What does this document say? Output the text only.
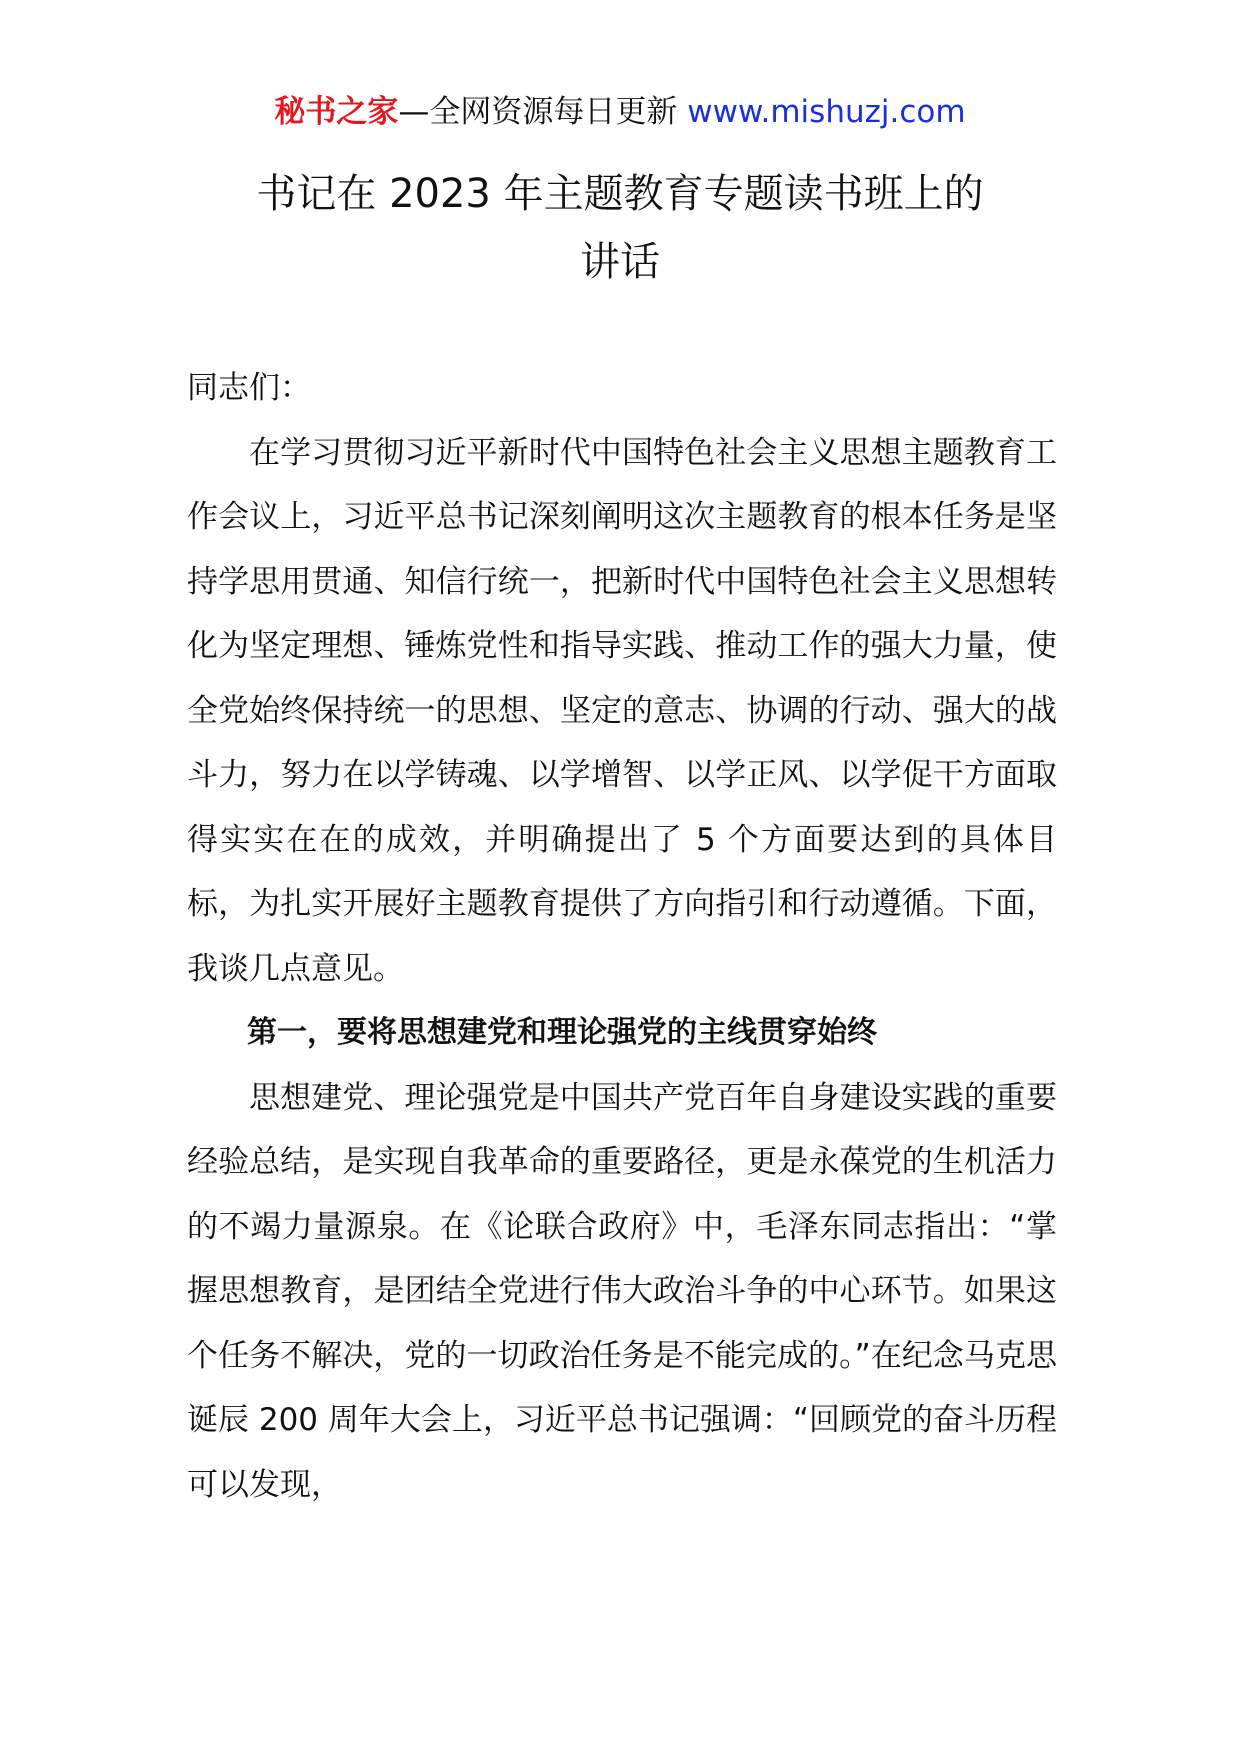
秘书之家—全网资源每日更新 www.mishuzj.com
书记在 2023 年主题教育专题读书班上的
讲话

同志们：

在学习贯彻习近平新时代中国特色社会主义思想主题教育工作会议上，习近平总书记深刻阐明这次主题教育的根本任务是坚持学思用贯通、知信行统一，把新时代中国特色社会主义思想转化为坚定理想、锤炼党性和指导实践、推动工作的强大力量，使全党始终保持统一的思想、坚定的意志、协调的行动、强大的战斗力，努力在以学铸魂、以学增智、以学正风、以学促干方面取得实实在在的成效，并明确提出了 5 个方面要达到的具体目标，为扎实开展好主题教育提供了方向指引和行动遵循。下面，我谈几点意见。

第一，要将思想建党和理论强党的主线贯穿始终

思想建党、理论强党是中国共产党百年自身建设实践的重要经验总结，是实现自我革命的重要路径，更是永葆党的生机活力的不竭力量源泉。在《论联合政府》中，毛泽东同志指出：“掌握思想教育，是团结全党进行伟大政治斗争的中心环节。如果这个任务不解决，党的一切政治任务是不能完成的。”在纪念马克思诞辰 200 周年大会上，习近平总书记强调：“回顾党的奋斗历程可以发现，
